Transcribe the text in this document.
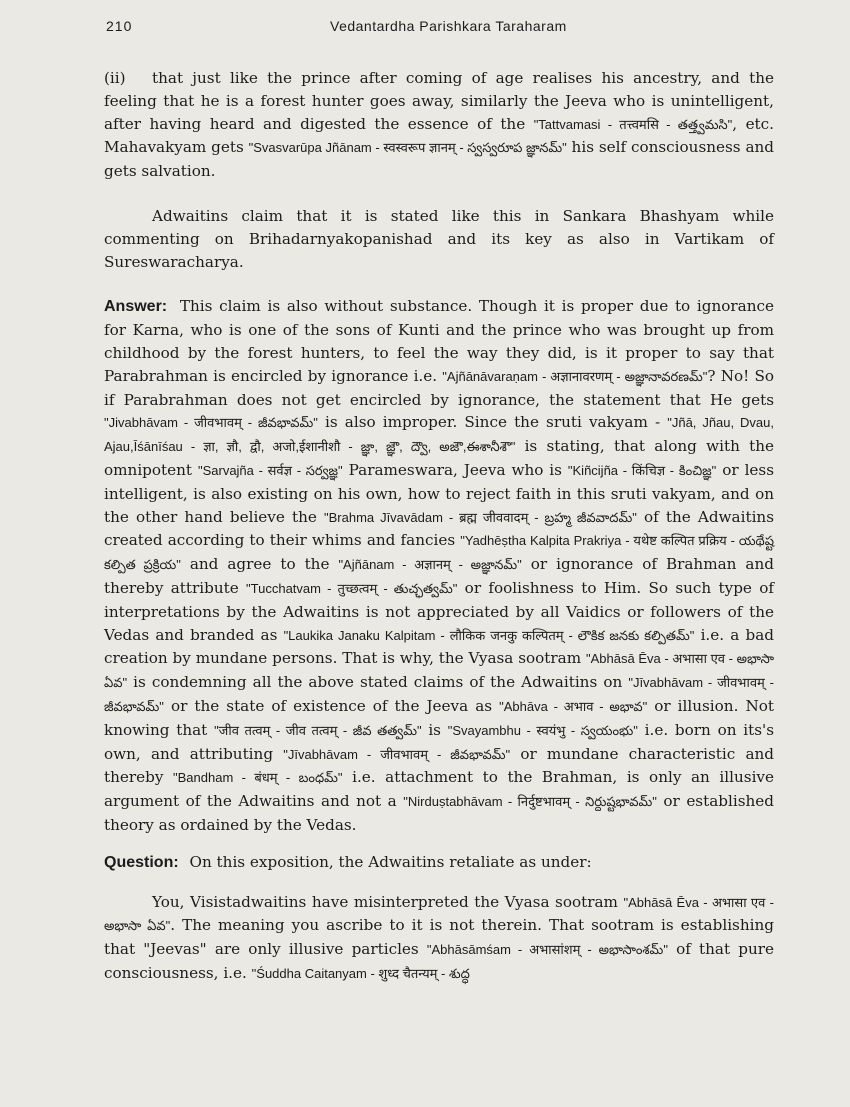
210	Vedantardha Parishkara Taraharam

(ii) that just like the prince after coming of age realises his ancestry, and the feeling that he is a forest hunter goes away, similarly the Jeeva who is unintelligent, after having heard and digested the essence of the "Tattvamasi - तत्त्वमसि - తత్త్వమసి", etc. Mahavakyam gets "Svasvarūpa Jñānam - स्वस्वरूप ज्ञानम् - స్వస్వరూప జ్ఞానమ్" his self consciousness and gets salvation.

Adwaitins claim that it is stated like this in Sankara Bhashyam while commenting on Brihadarnyakopanishad and its key as also in Vartikam of Sureswaracharya.

Answer: This claim is also without substance. Though it is proper due to ignorance for Karna, who is one of the sons of Kunti and the prince who was brought up from childhood by the forest hunters, to feel the way they did, is it proper to say that Parabrahman is encircled by ignorance i.e. "Ajñānāvaraṇam - अज्ञानावरणम् - అజ్ఞానావరణమ్"? No! So if Parabrahman does not get encircled by ignorance, the statement that He gets "Jivabhāvam - जीवभावम् - జీవభావమ్" is also improper. Since the sruti vakyam - "Jñā, Jñau, Dvau, Ajau,Īśānīśau - ज्ञा, ज्ञौ, द्वौ, अजो,ईशानीशौ - జ్ఞా, జ్ఞౌ, ద్వౌ, అజౌ,ఈశానీశౌ" is stating, that along with the omnipotent "Sarvajña - सर्वज्ञ - సర్వజ్ఞ" Parameswara, Jeeva who is "Kiñcijña - किंचिज्ञ - కించిజ్ఞ" or less intelligent, is also existing on his own, how to reject faith in this sruti vakyam, and on the other hand believe the "Brahma Jīvavādam - ब्रह्म जीववादम् - బ్రహ్మ జీవవాదమ్" of the Adwaitins created according to their whims and fancies "Yadhēṣtha Kalpita Prakriya - यथेष्ट कल्पित प्रक्रिय - యథేష్ట కల్పిత ప్రక్రియ" and agree to the "Ajñānam - अज्ञानम् - అజ్ఞానమ్" or ignorance of Brahman and thereby attribute "Tucchatvam - तुच्छत्वम् - తుచ్ఛత్వమ్" or foolishness to Him. So such type of interpretations by the Adwaitins is not appreciated by all Vaidics or followers of the Vedas and branded as "Laukika Janaku Kalpitam - लौकिक जनकु कल्पितम् - లౌకిక జనకు కల్పితమ్" i.e. a bad creation by mundane persons. That is why, the Vyasa sootram "Abhāsā Ēva - अभासा एव - అభాసా ఏవ" is condemning all the above stated claims of the Adwaitins on "Jīvabhāvam - जीवभावम् - జీవభావమ్" or the state of existence of the Jeeva as "Abhāva - अभाव - అభావ" or illusion. Not knowing that "जीव तत्वम् - जीव तत्वम् - జీవ తత్వమ్" is "Svayambhu - स्वयंभु - స్వయంభు" i.e. born on its's own, and attributing "Jīvabhāvam - जीवभावम् - జీవభావమ్" or mundane characteristic and thereby "Bandham - बंधम् - బంధమ్" i.e. attachment to the Brahman, is only an illusive argument of the Adwaitins and not a "Nirduṣtabhāvam - निर्दुष्टभावम् - నిర్దుష్టభావమ్" or established theory as ordained by the Vedas.

Question: On this exposition, the Adwaitins retaliate as under:

You, Visistadwaitins have misinterpreted the Vyasa sootram "Abhāsā Ēva - अभासा एव - అభాసా ఏవ". The meaning you ascribe to it is not therein. That sootram is establishing that "Jeevas" are only illusive particles "Abhāsāmśam - अभासांशम् - అభాసాంశమ్" of that pure consciousness, i.e. "Śuddha Caitanyam - शुध्द चैतन्यम् - శుద్ధ
